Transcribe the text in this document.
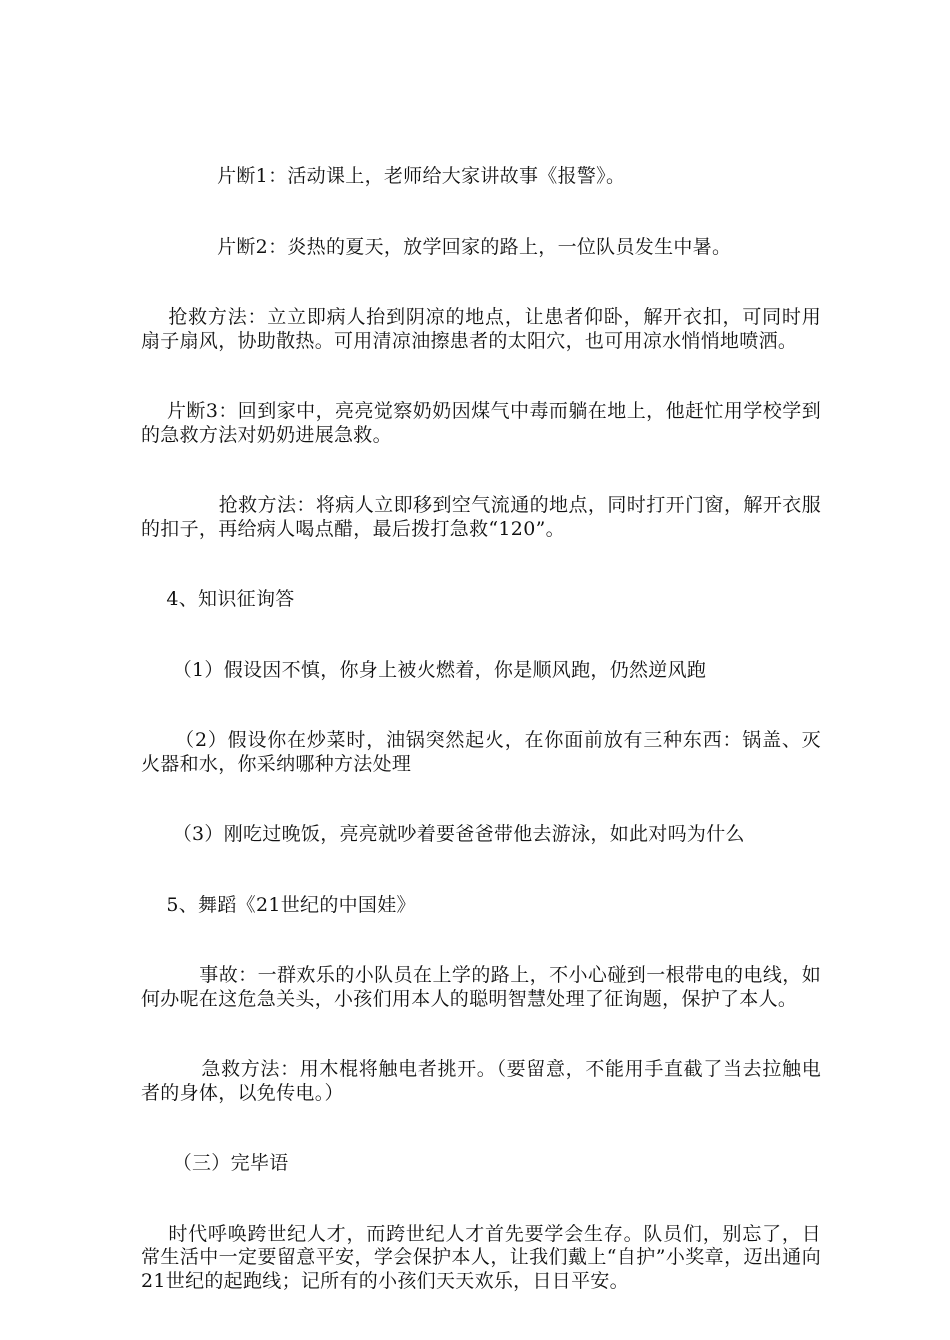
片断1：活动课上，老师给大家讲故事《报警》。

片断2：炎热的夏天，放学回家的路上，一位队员发生中暑。

抢救方法：立立即病人抬到阴凉的地点，让患者仰卧，解开衣扣，可同时用扇子扇风，协助散热。可用清凉油擦患者的太阳穴，也可用凉水悄悄地喷洒。

片断3：回到家中，亮亮觉察奶奶因煤气中毒而躺在地上，他赶忙用学校学到的急救方法对奶奶进展急救。

抢救方法：将病人立即移到空气流通的地点，同时打开门窗，解开衣服的扣子，再给病人喝点醋，最后拨打急救“120”。

4、知识征询答

（1）假设因不慎，你身上被火燃着，你是顺风跑，仍然逆风跑

（2）假设你在炒菜时，油锅突然起火，在你面前放有三种东西：锅盖、灭火器和水，你采纳哪种方法处理

（3）刚吃过晚饭，亮亮就吵着要爸爸带他去游泳，如此对吗为什么

5、舞蹈《21世纪的中国娃》

事故：一群欢乐的小队员在上学的路上，不小心碰到一根带电的电线，如何办呢在这危急关头，小孩们用本人的聪明智慧处理了征询题，保护了本人。

急救方法：用木棍将触电者挑开。（要留意，不能用手直截了当去拉触电者的身体，以免传电。）

（三）完毕语

时代呼唤跨世纪人才，而跨世纪人才首先要学会生存。队员们，别忘了，日常生活中一定要留意平安，学会保护本人，让我们戴上“自护”小奖章，迈出通向21世纪的起跑线；记所有的小孩们天天欢乐，日日平安。
